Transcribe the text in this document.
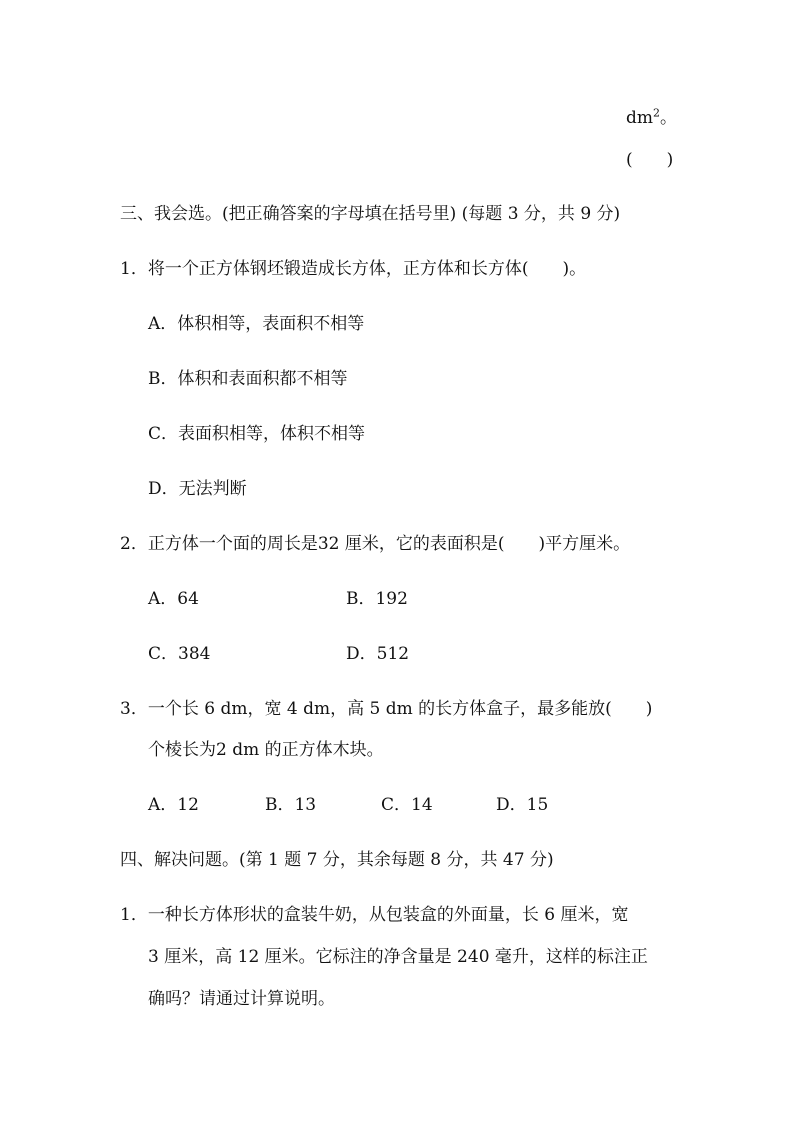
$dm^2$。
(　　)
三、我会选。(把正确答案的字母填在括号里) (每题 3 分，共 9 分)
1．将一个正方体钢坯锻造成长方体，正方体和长方体(　　)。
A．体积相等，表面积不相等
B．体积和表面积都不相等
C．表面积相等，体积不相等
D．无法判断
2．正方体一个面的周长是32 厘米，它的表面积是(　　)平方厘米。
A．64	B．192
C．384	D．512
3．一个长 6 dm，宽 4 dm，高 5 dm 的长方体盒子，最多能放(　　)
个棱长为2 dm 的正方体木块。
A．12	B．13	C．14	D．15
四、解决问题。(第 1 题 7 分，其余每题 8 分，共 47 分)
1．一种长方体形状的盒装牛奶，从包装盒的外面量，长 6 厘米，宽
3 厘米，高 12 厘米。它标注的净含量是 240 毫升，这样的标注正
确吗？请通过计算说明。
